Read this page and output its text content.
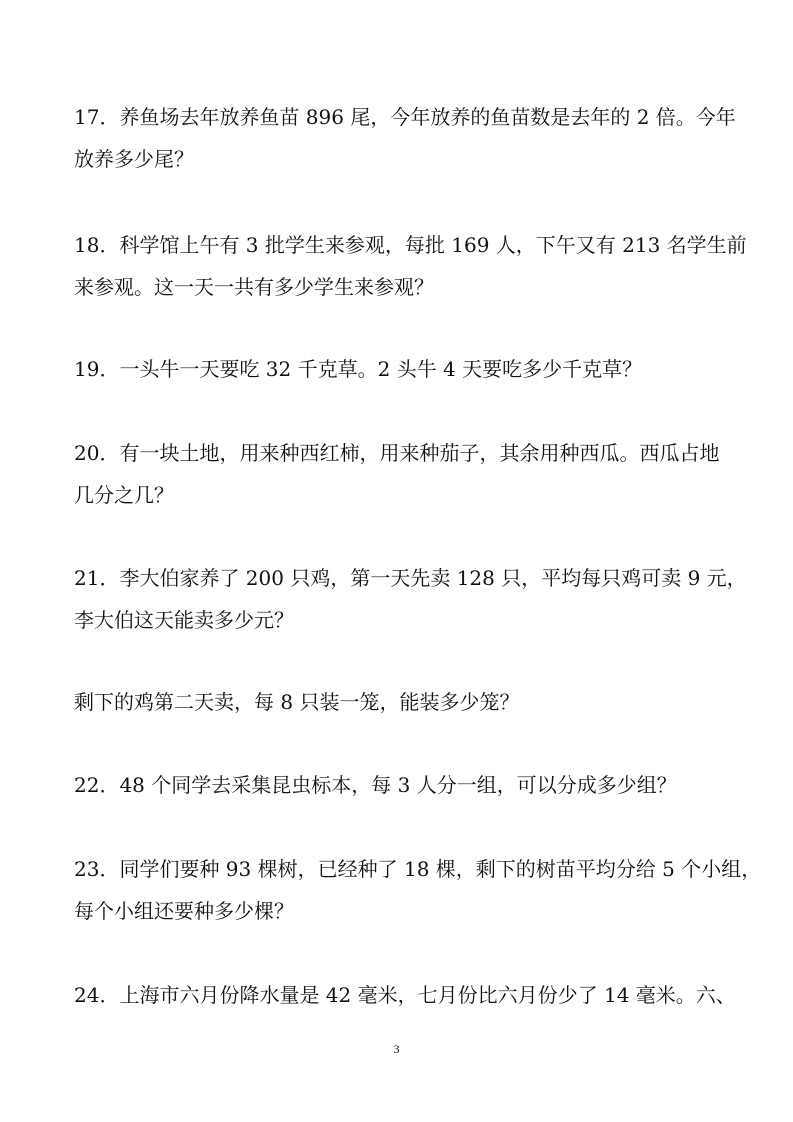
17．养鱼场去年放养鱼苗 896 尾，今年放养的鱼苗数是去年的 2 倍。今年
放养多少尾？
18．科学馆上午有 3 批学生来参观，每批 169 人，下午又有 213 名学生前
来参观。这一天一共有多少学生来参观？
19．一头牛一天要吃 32 千克草。2 头牛 4 天要吃多少千克草？
20．有一块土地，用来种西红柿，用来种茄子，其余用种西瓜。西瓜占地
几分之几？
21．李大伯家养了 200 只鸡，第一天先卖 128 只，平均每只鸡可卖 9 元，
李大伯这天能卖多少元？
剩下的鸡第二天卖，每 8 只装一笼，能装多少笼？
22．48 个同学去采集昆虫标本，每 3 人分一组，可以分成多少组？
23．同学们要种 93 棵树，已经种了 18 棵，剩下的树苗平均分给 5 个小组，
每个小组还要种多少棵？
24．上海市六月份降水量是 42 毫米，七月份比六月份少了 14 毫米。六、
3
